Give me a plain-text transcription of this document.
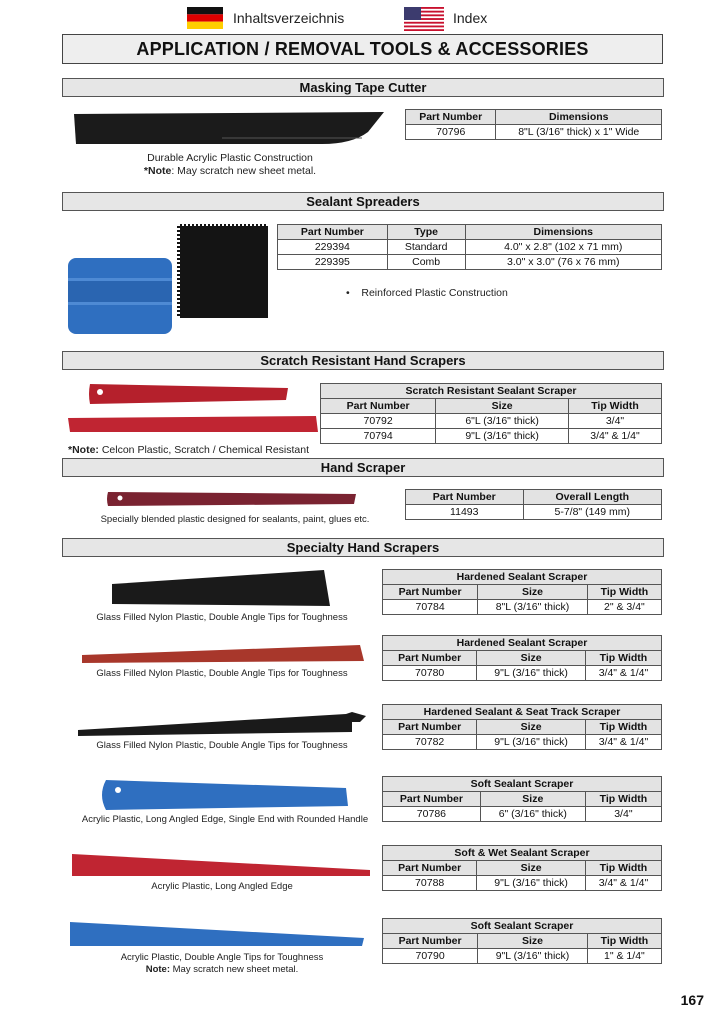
Inhaltsverzeichnis	Index
APPLICATION / REMOVAL TOOLS & ACCESSORIES
Masking Tape Cutter
Part Number	Dimensions
70796	8"L (3/16" thick) x 1" Wide
Durable Acrylic Plastic Construction
*Note: May scratch new sheet metal.
Sealant Spreaders
Part Number	Type	Dimensions
229394	Standard	4.0" x 2.8" (102 x 71 mm)
229395	Comb	3.0" x 3.0" (76 x 76 mm)
• Reinforced Plastic Construction
Scratch Resistant Hand Scrapers
Scratch Resistant Sealant Scraper		
Part Number	Size	Tip Width
70792	6"L (3/16" thick)	3/4"
70794	9"L (3/16" thick)	3/4" & 1/4"
*Note: Celcon Plastic, Scratch / Chemical Resistant
Hand Scraper
Part Number	Overall Length
11493	5-7/8" (149 mm)
Specially blended plastic designed for sealants, paint, glues etc.
Specialty Hand Scrapers
Glass Filled Nylon Plastic, Double Angle Tips for Toughness
Hardened Sealant Scraper		
Part Number	Size	Tip Width
70784	8"L (3/16" thick)	2" & 3/4"
Glass Filled Nylon Plastic, Double Angle Tips for Toughness
Hardened Sealant Scraper		
Part Number	Size	Tip Width
70780	9"L (3/16" thick)	3/4" & 1/4"
Glass Filled Nylon Plastic, Double Angle Tips for Toughness
Hardened Sealant & Seat Track Scraper		
Part Number	Size	Tip Width
70782	9"L (3/16" thick)	3/4" & 1/4"
Acrylic Plastic, Long Angled Edge, Single End with Rounded Handle
Soft Sealant Scraper		
Part Number	Size	Tip Width
70786	6" (3/16" thick)	3/4"
Acrylic Plastic, Long Angled Edge
Soft & Wet Sealant Scraper		
Part Number	Size	Tip Width
70788	9"L (3/16" thick)	3/4" & 1/4"
Acrylic Plastic, Double Angle Tips for Toughness
Note: May scratch new sheet metal.
Soft Sealant Scraper		
Part Number	Size	Tip Width
70790	9"L (3/16" thick)	1" & 1/4"
167
